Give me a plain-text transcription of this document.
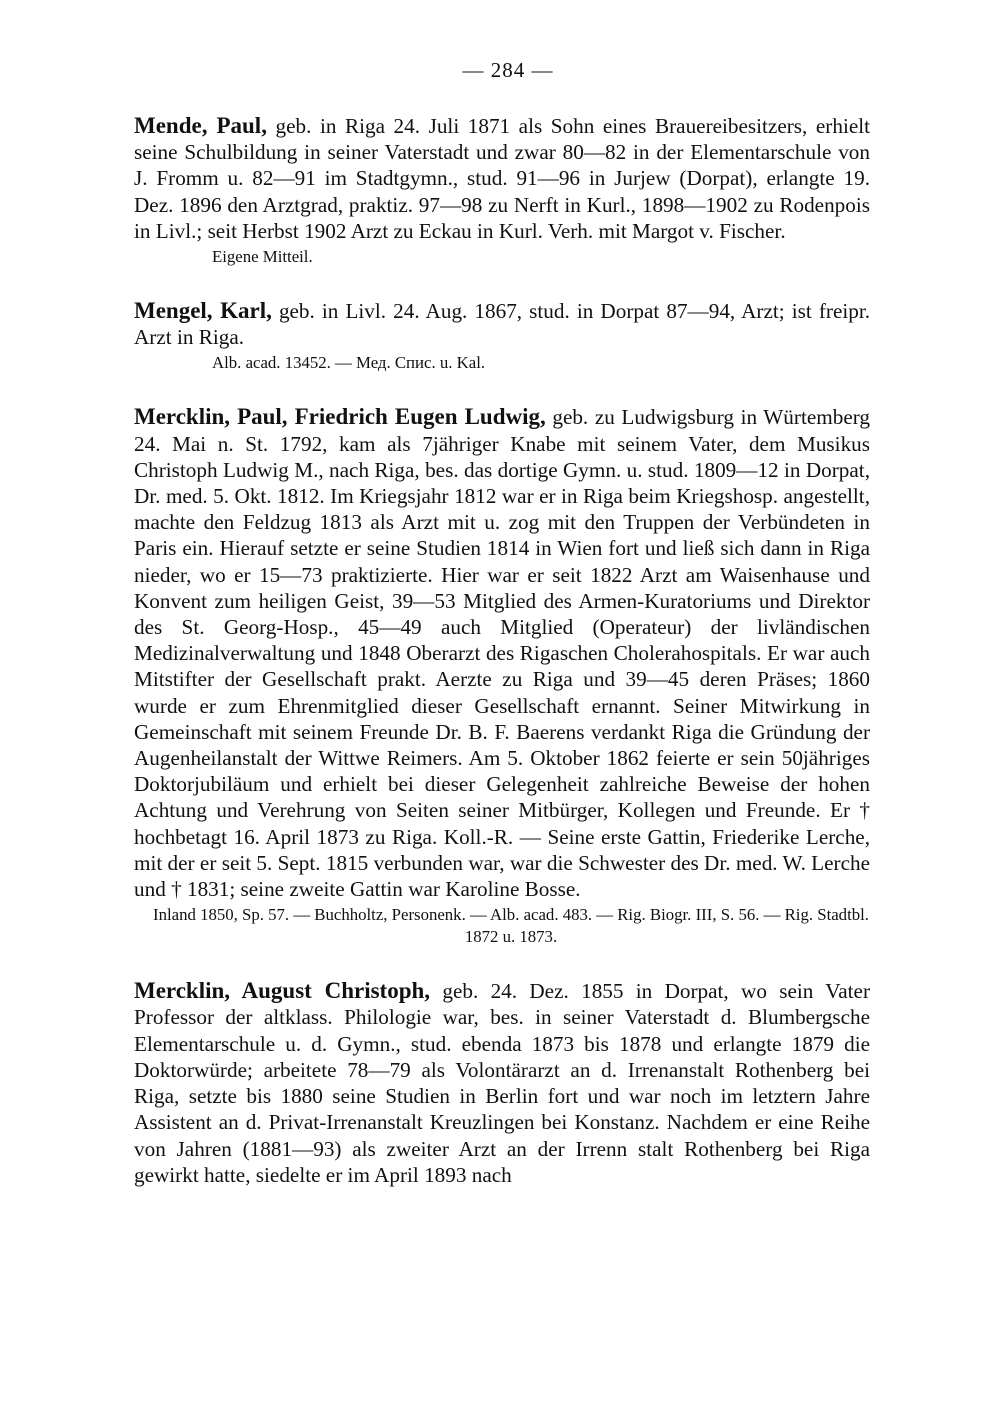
— 284 —

Mende, Paul, geb. in Riga 24. Juli 1871 als Sohn eines Brauereibesitzers, erhielt seine Schulbildung in seiner Vaterstadt und zwar 80—82 in der Elementarschule von J. Fromm u. 82—91 im Stadtgymn., stud. 91—96 in Jurjew (Dorpat), erlangte 19. Dez. 1896 den Arztgrad, praktiz. 97—98 zu Nerft in Kurl., 1898—1902 zu Rodenpois in Livl.; seit Herbst 1902 Arzt zu Eckau in Kurl. Verh. mit Margot v. Fischer.

Eigene Mitteil.

Mengel, Karl, geb. in Livl. 24. Aug. 1867, stud. in Dorpat 87—94, Arzt; ist freipr. Arzt in Riga.

Alb. acad. 13452. — Мед. Спис. u. Kal.

Mercklin, Paul, Friedrich Eugen Ludwig, geb. zu Ludwigsburg in Würtemberg 24. Mai n. St. 1792, kam als 7jähriger Knabe mit seinem Vater, dem Musikus Christoph Ludwig M., nach Riga, bes. das dortige Gymn. u. stud. 1809—12 in Dorpat, Dr. med. 5. Okt. 1812. Im Kriegsjahr 1812 war er in Riga beim Kriegshosp. angestellt, machte den Feldzug 1813 als Arzt mit u. zog mit den Truppen der Verbündeten in Paris ein. Hierauf setzte er seine Studien 1814 in Wien fort und ließ sich dann in Riga nieder, wo er 15—73 praktizierte. Hier war er seit 1822 Arzt am Waisenhause und Konvent zum heiligen Geist, 39—53 Mitglied des Armen-Kuratoriums und Direktor des St. Georg-Hosp., 45—49 auch Mitglied (Operateur) der livländischen Medizinalverwaltung und 1848 Oberarzt des Rigaschen Cholerahospitals. Er war auch Mitstifter der Gesellschaft prakt. Aerzte zu Riga und 39—45 deren Präses; 1860 wurde er zum Ehrenmitglied dieser Gesellschaft ernannt. Seiner Mitwirkung in Gemeinschaft mit seinem Freunde Dr. B. F. Baerens verdankt Riga die Gründung der Augenheilanstalt der Wittwe Reimers. Am 5. Oktober 1862 feierte er sein 50jähriges Doktorjubiläum und erhielt bei dieser Gelegenheit zahlreiche Beweise der hohen Achtung und Verehrung von Seiten seiner Mitbürger, Kollegen und Freunde. Er † hochbetagt 16. April 1873 zu Riga. Koll.-R. — Seine erste Gattin, Friederike Lerche, mit der er seit 5. Sept. 1815 verbunden war, war die Schwester des Dr. med. W. Lerche und † 1831; seine zweite Gattin war Karoline Bosse.

Inland 1850, Sp. 57. — Buchholtz, Personenk. — Alb. acad. 483. — Rig. Biogr. III, S. 56. — Rig. Stadtbl. 1872 u. 1873.

Mercklin, August Christoph, geb. 24. Dez. 1855 in Dorpat, wo sein Vater Professor der altklass. Philologie war, bes. in seiner Vaterstadt d. Blumbergsche Elementarschule u. d. Gymn., stud. ebenda 1873 bis 1878 und erlangte 1879 die Doktorwürde; arbeitete 78—79 als Volontärarzt an d. Irrenanstalt Rothenberg bei Riga, setzte bis 1880 seine Studien in Berlin fort und war noch im letztern Jahre Assistent an d. Privat-Irrenanstalt Kreuzlingen bei Konstanz. Nachdem er eine Reihe von Jahren (1881—93) als zweiter Arzt an der Irrenn stalt Rothenberg bei Riga gewirkt hatte, siedelte er im April 1893 nach
